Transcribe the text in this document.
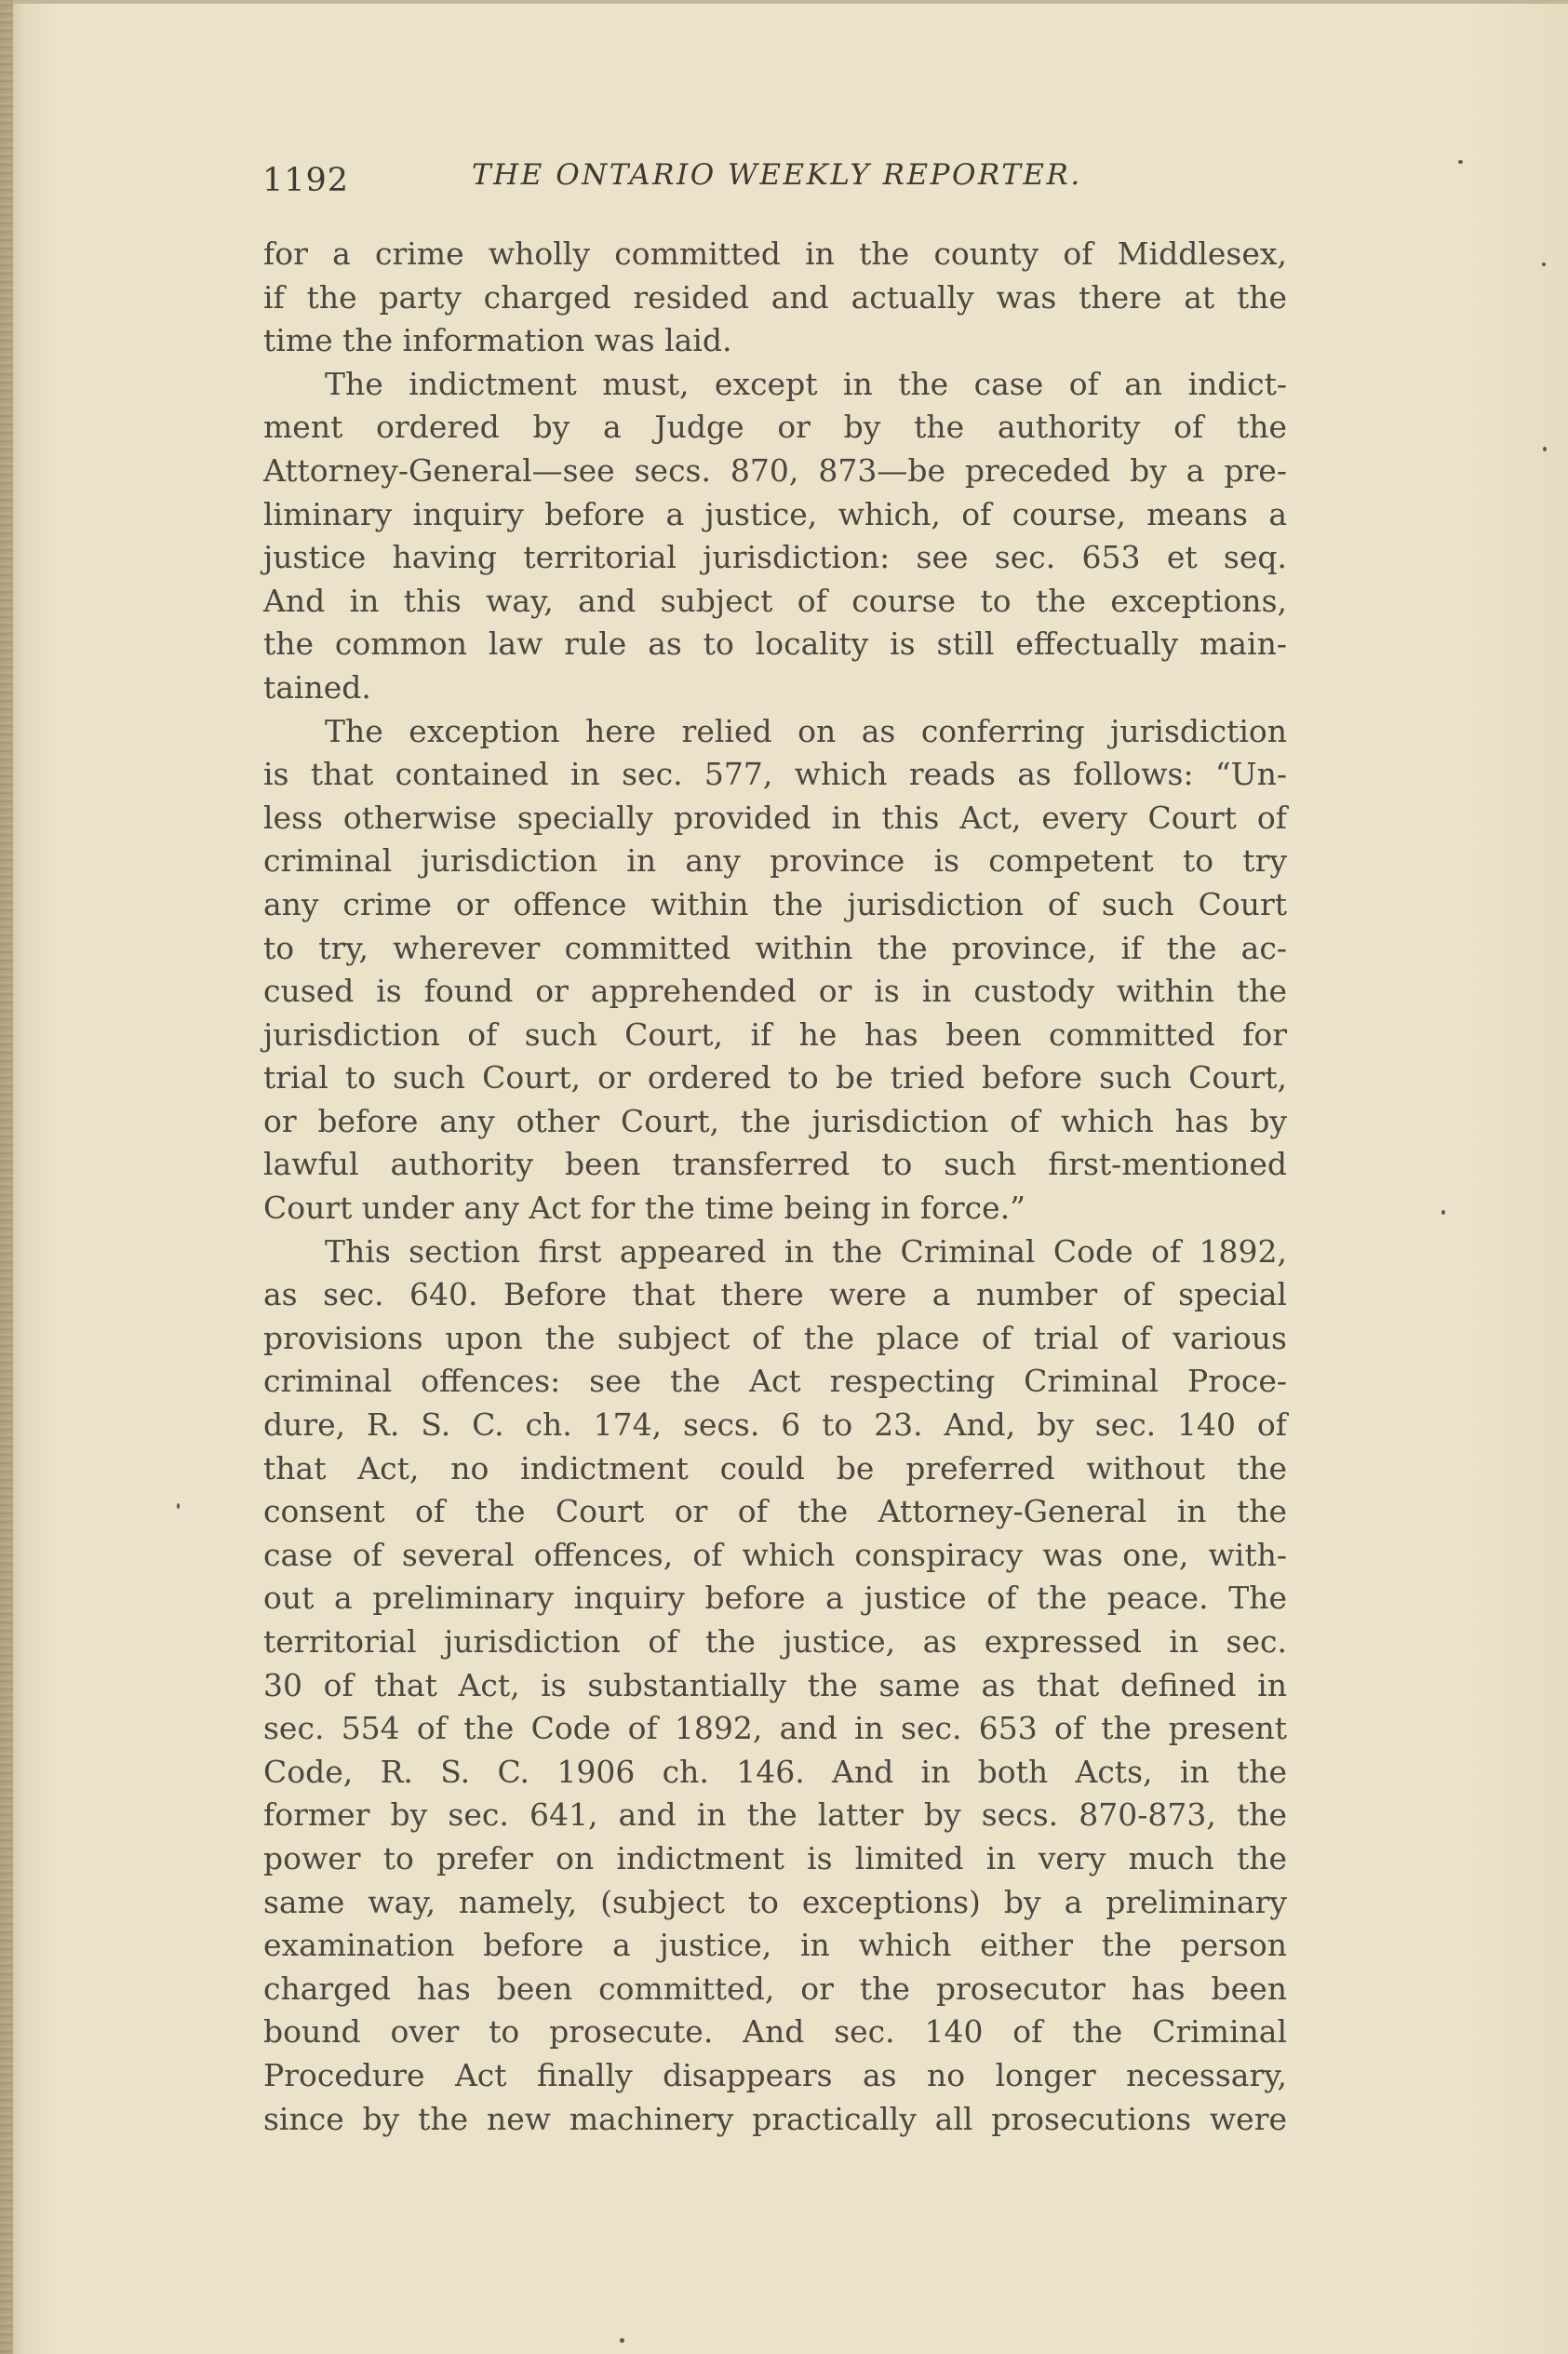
1192	THE ONTARIO WEEKLY REPORTER.
for a crime wholly committed in the county of Middlesex,
if the party charged resided and actually was there at the
time the information was laid.
The indictment must, except in the case of an indict-
ment ordered by a Judge or by the authority of the
Attorney-General—see secs. 870, 873—be preceded by a pre-
liminary inquiry before a justice, which, of course, means a
justice having territorial jurisdiction: see sec. 653 et seq.
And in this way, and subject of course to the exceptions,
the common law rule as to locality is still effectually main-
tained.
The exception here relied on as conferring jurisdiction
is that contained in sec. 577, which reads as follows: “Un-
less otherwise specially provided in this Act, every Court of
criminal jurisdiction in any province is competent to try
any crime or offence within the jurisdiction of such Court
to try, wherever committed within the province, if the ac-
cused is found or apprehended or is in custody within the
jurisdiction of such Court, if he has been committed for
trial to such Court, or ordered to be tried before such Court,
or before any other Court, the jurisdiction of which has by
lawful authority been transferred to such first-mentioned
Court under any Act for the time being in force.”
This section first appeared in the Criminal Code of 1892,
as sec. 640. Before that there were a number of special
provisions upon the subject of the place of trial of various
criminal offences: see the Act respecting Criminal Proce-
dure, R. S. C. ch. 174, secs. 6 to 23. And, by sec. 140 of
that Act, no indictment could be preferred without the
consent of the Court or of the Attorney-General in the
case of several offences, of which conspiracy was one, with-
out a preliminary inquiry before a justice of the peace. The
territorial jurisdiction of the justice, as expressed in sec.
30 of that Act, is substantially the same as that defined in
sec. 554 of the Code of 1892, and in sec. 653 of the present
Code, R. S. C. 1906 ch. 146. And in both Acts, in the
former by sec. 641, and in the latter by secs. 870-873, the
power to prefer on indictment is limited in very much the
same way, namely, (subject to exceptions) by a preliminary
examination before a justice, in which either the person
charged has been committed, or the prosecutor has been
bound over to prosecute. And sec. 140 of the Criminal
Procedure Act finally disappears as no longer necessary,
since by the new machinery practically all prosecutions were
